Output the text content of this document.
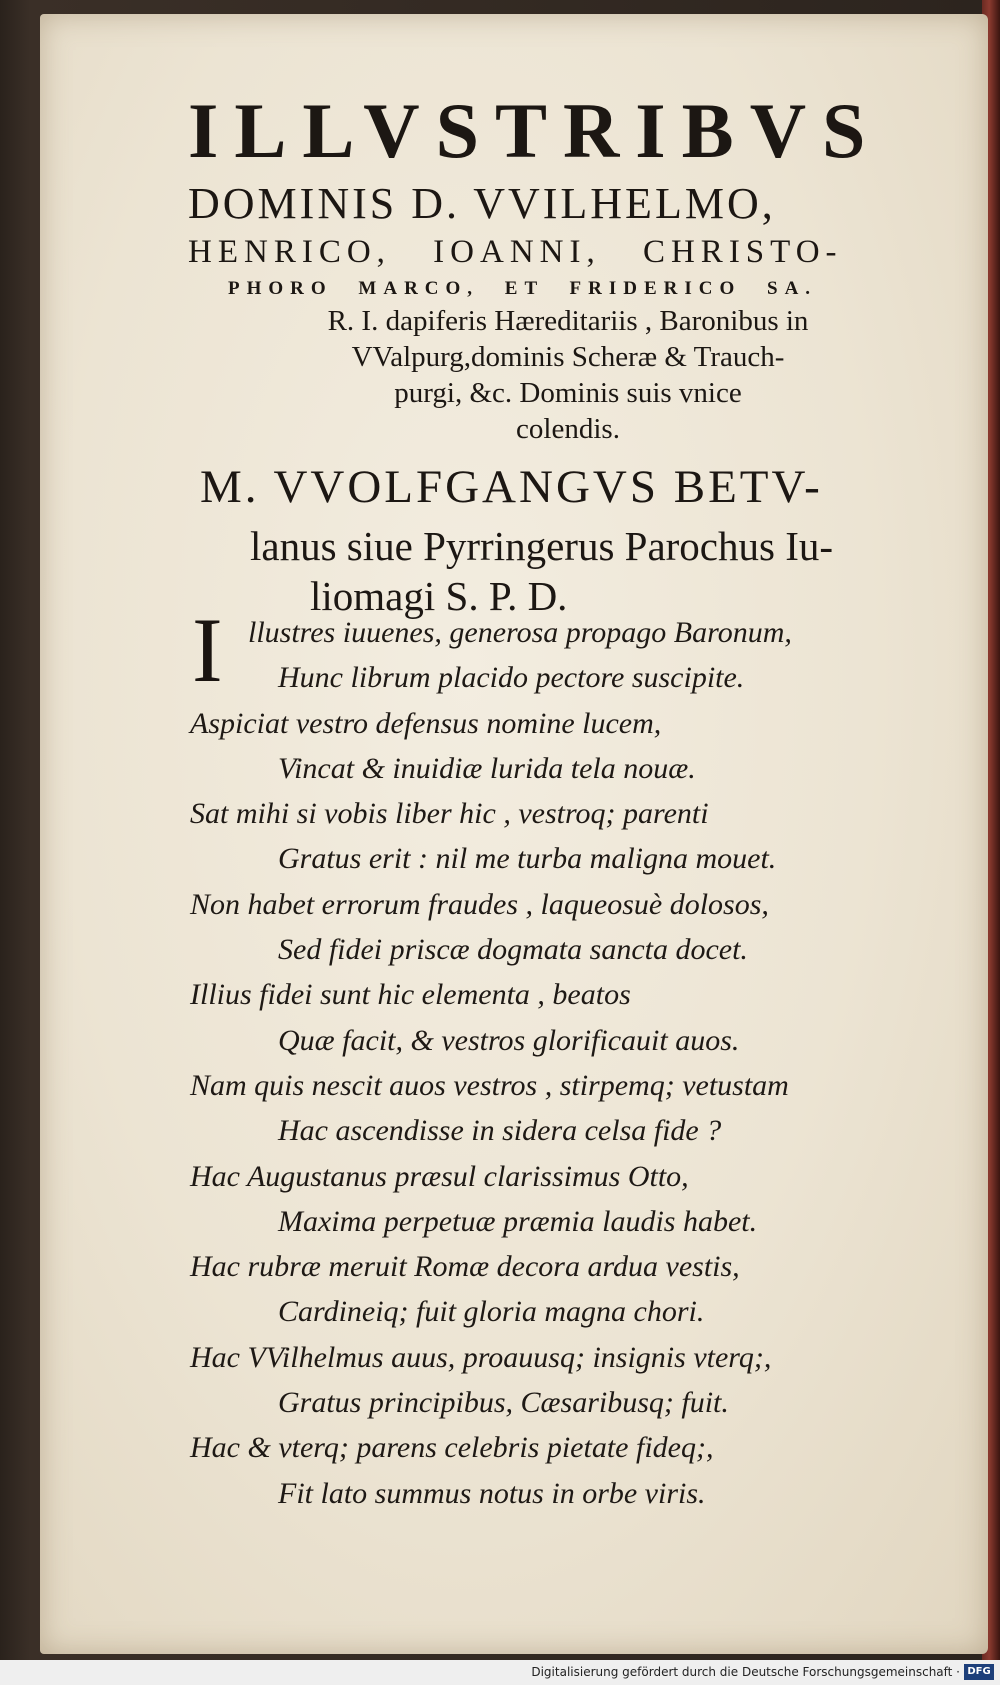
ILLVSTRIBVS
DOMINIS D. VVILHELMO,
HENRICO, IOANNI, CHRISTO-
PHORO MARCO, ET FRIDERICO SA.
R. I. dapiferis Hæreditariis , Baronibus in
VValpurg,dominis Scheræ & Trauch-
purgi, &c. Dominis suis vnice
colendis.
M. VVOLFGANGVS BETV-
lanus siue Pyrringerus Parochus Iu-
liomagi S. P. D.
I llustres iuuenes, generosa propago Baronum,
Hunc librum placido pectore suscipite.
Aspiciat vestro defensus nomine lucem,
Vincat & inuidiæ lurida tela nouæ.
Sat mihi si vobis liber hic , vestroq; parenti
Gratus erit : nil me turba maligna mouet.
Non habet errorum fraudes , laqueosuè dolosos,
Sed fidei priscæ dogmata sancta docet.
Illius fidei sunt hic elementa , beatos
Quæ facit, & vestros glorificauit auos.
Nam quis nescit auos vestros , stirpemq; vetustam
Hac ascendisse in sidera celsa fide ?
Hac Augustanus præsul clarissimus Otto,
Maxima perpetuæ præmia laudis habet.
Hac rubræ meruit Romæ decora ardua vestis,
Cardineiq; fuit gloria magna chori.
Hac VVilhelmus auus, proauusq; insignis vterq;,
Gratus principibus, Cæsaribusq; fuit.
Hac & vterq; parens celebris pietate fideq;,
Fit lato summus notus in orbe viris.
Digitalisierung gefördert durch die Deutsche Forschungsgemeinschaft · DFG
